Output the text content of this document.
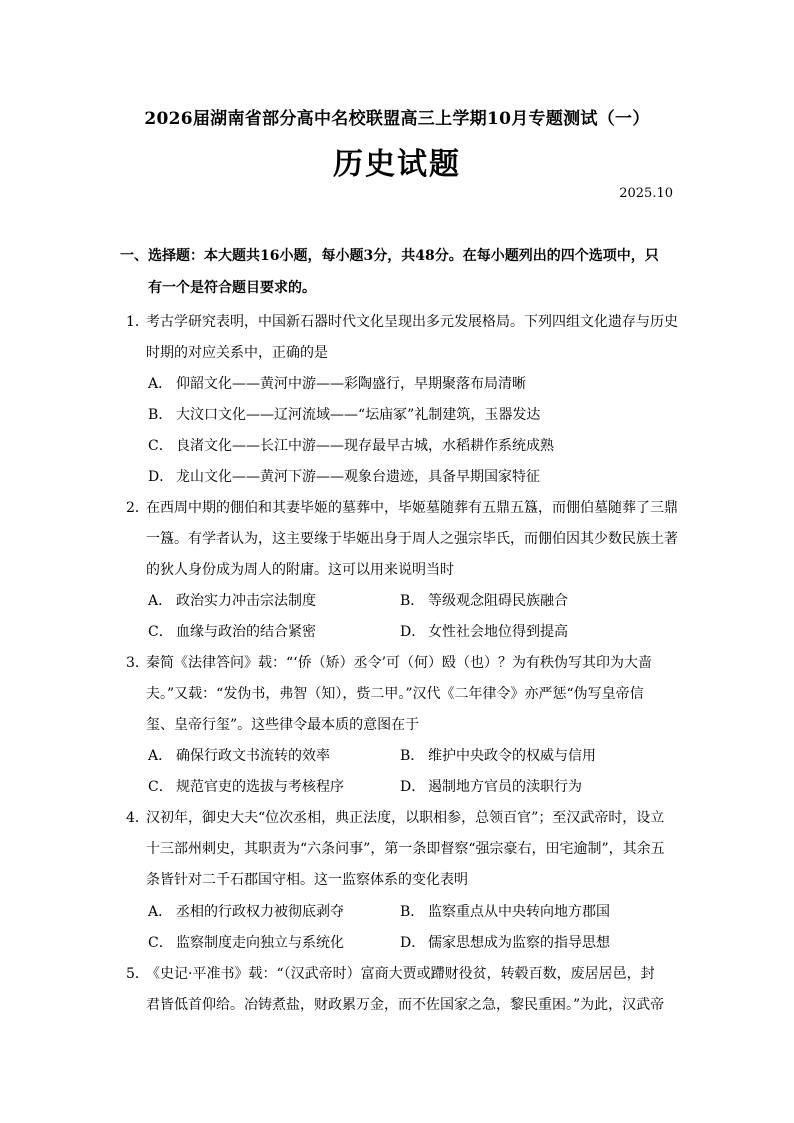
2026届湖南省部分高中名校联盟高三上学期10月专题测试（一）
历史试题
2025.10
一、选择题：本大题共16小题，每小题3分，共48分。在每小题列出的四个选项中，只
有一个是符合题目要求的。
1．
考古学研究表明，中国新石器时代文化呈现出多元发展格局。下列四组文化遗存与历史
时期的对应关系中，正确的是
A． 仰韶文化——黄河中游——彩陶盛行，早期聚落布局清晰
B． 大汶口文化——辽河流域——“坛庙冢”礼制建筑，玉器发达
C． 良渚文化——长江中游——现存最早古城，水稻耕作系统成熟
D． 龙山文化——黄河下游——观象台遗迹，具备早期国家特征
2．
在西周中期的倗伯和其妻毕姬的墓葬中，毕姬墓随葬有五鼎五簋，而倗伯墓随葬了三鼎
一簋。有学者认为，这主要缘于毕姬出身于周人之强宗毕氏，而倗伯因其少数民族土著
的狄人身份成为周人的附庸。这可以用来说明当时
A． 政治实力冲击宗法制度	B． 等级观念阻碍民族融合
C． 血缘与政治的结合紧密	D． 女性社会地位得到提高
3．
秦简《法律答问》载：“‘侨（矫）丞令’可（何）殹（也）？为有秩伪写其印为大啬
夫。”又载：“发伪书，弗智（知），赀二甲。”汉代《二年律令》亦严惩“伪写皇帝信
玺、皇帝行玺”。这些律令最本质的意图在于
A． 确保行政文书流转的效率	B． 维护中央政令的权威与信用
C． 规范官吏的选拔与考核程序	D． 遏制地方官员的渎职行为
4．
汉初年，御史大夫“位次丞相，典正法度，以职相参，总领百官”；至汉武帝时，设立
十三部州刺史，其职责为“六条问事”，第一条即督察“强宗豪右，田宅逾制”，其余五
条皆针对二千石郡国守相。这一监察体系的变化表明
A． 丞相的行政权力被彻底剥夺	B． 监察重点从中央转向地方郡国
C． 监察制度走向独立与系统化	D． 儒家思想成为监察的指导思想
5．
《史记·平准书》载：“（汉武帝时）富商大贾或蹛财役贫，转毂百数，废居居邑，封
君皆低首仰给。冶铸煮盐，财政累万金，而不佐国家之急，黎民重困。”为此，汉武帝
